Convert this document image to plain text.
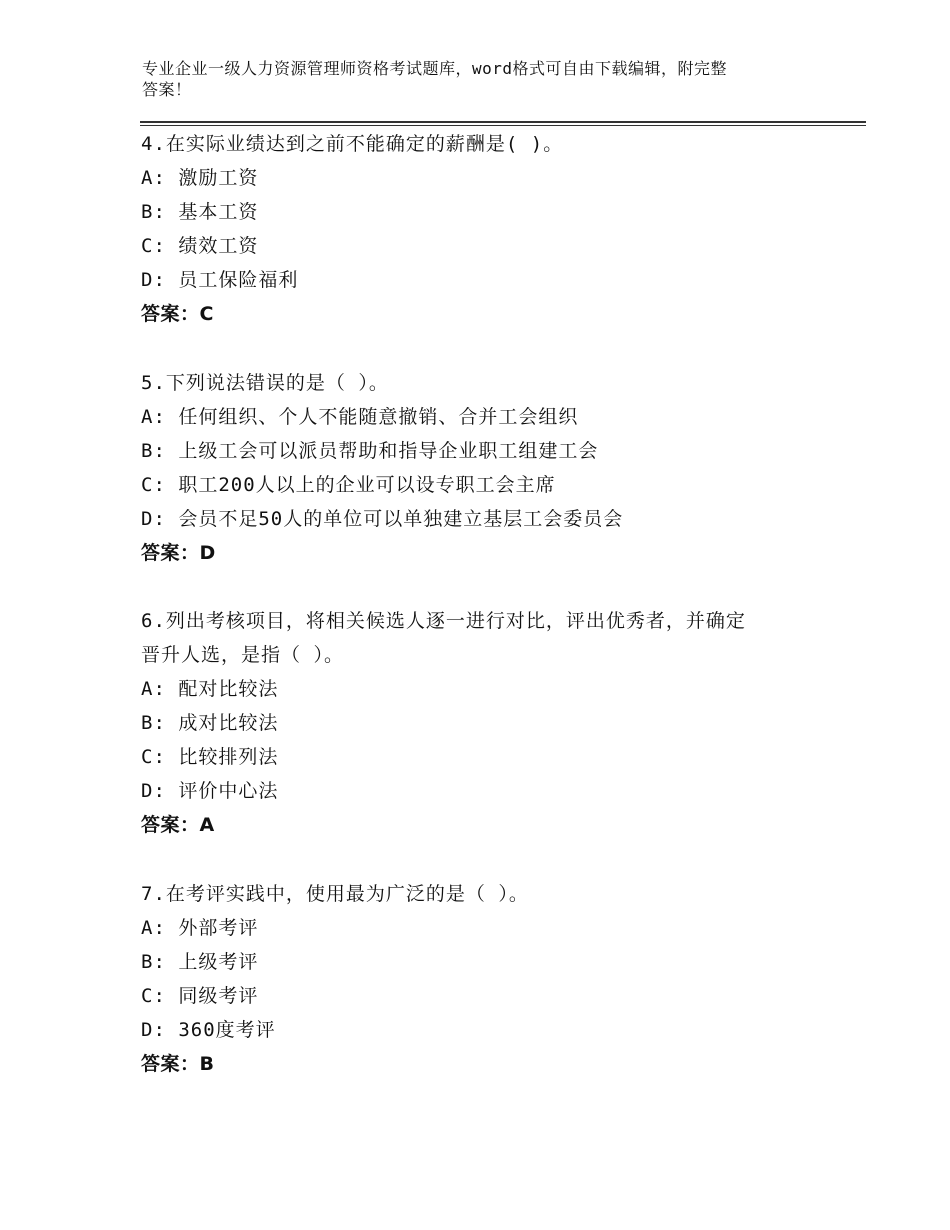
专业企业一级人力资源管理师资格考试题库，word格式可自由下载编辑，附完整
答案！
4.在实际业绩达到之前不能确定的薪酬是( )。
A: 激励工资
B: 基本工资
C: 绩效工资
D: 员工保险福利
答案：C
5.下列说法错误的是（ ）。
A: 任何组织、个人不能随意撤销、合并工会组织
B: 上级工会可以派员帮助和指导企业职工组建工会
C: 职工200人以上的企业可以设专职工会主席
D: 会员不足50人的单位可以单独建立基层工会委员会
答案：D
6.列出考核项目，将相关候选人逐一进行对比，评出优秀者，并确定
晋升人选，是指（ ）。
A: 配对比较法
B: 成对比较法
C: 比较排列法
D: 评价中心法
答案：A
7.在考评实践中，使用最为广泛的是（ ）。
A: 外部考评
B: 上级考评
C: 同级考评
D: 360度考评
答案：B
